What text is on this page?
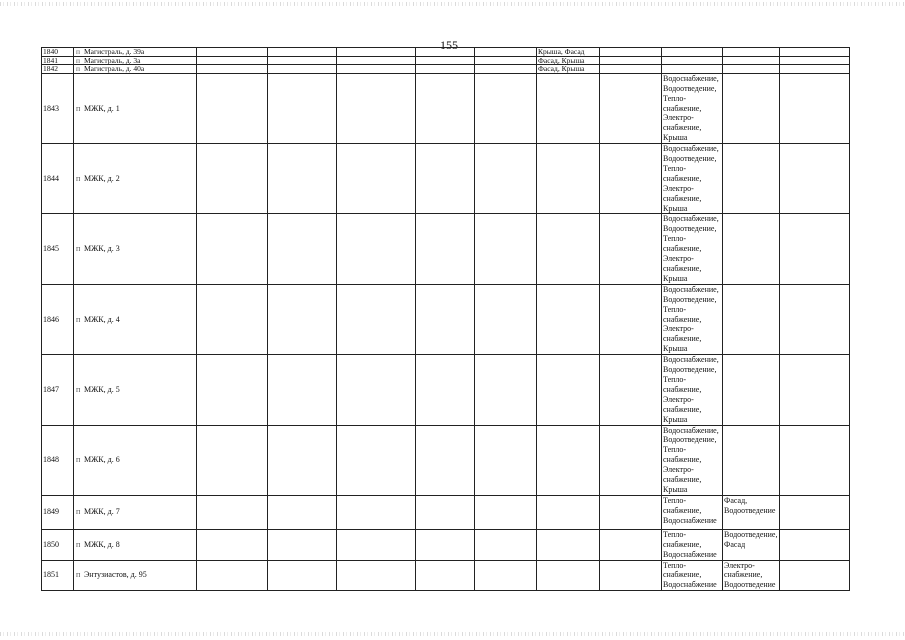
155
1840	п Магистраль, д. 39а						Крыша, Фасад					
1841	п Магистраль, д. 3а						Фасад, Крыша					
1842	п Магистраль, д. 40а						Фасад, Крыша					
1843	п МЖК, д. 1								Водоснабжение, Водоотведение, Тепло- снабжение, Электро- снабжение, Крыша			
1844	п МЖК, д. 2								Водоснабжение, Водоотведение, Тепло- снабжение, Электро- снабжение, Крыша			
1845	п МЖК, д. 3								Водоснабжение, Водоотведение, Тепло- снабжение, Электро- снабжение, Крыша			
1846	п МЖК, д. 4								Водоснабжение, Водоотведение, Тепло- снабжение, Электро- снабжение, Крыша			
1847	п МЖК, д. 5								Водоснабжение, Водоотведение, Тепло- снабжение, Электро- снабжение, Крыша			
1848	п МЖК, д. 6								Водоснабжение, Водоотведение, Тепло- снабжение, Электро- снабжение, Крыша			
1849	п МЖК, д. 7								Тепло- снабжение, Водоснабжение	Фасад, Водоотведение		
1850	п МЖК, д. 8								Тепло- снабжение, Водоснабжение	Водоотведение, Фасад		
1851	п Энтузиастов, д. 95								Тепло- снабжение, Водоснабжение	Электро- снабжение, Водоотведение		
